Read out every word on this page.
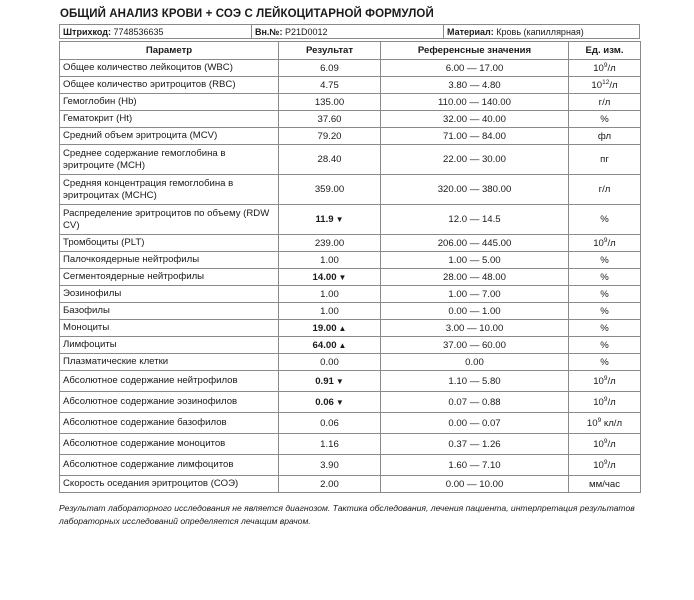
ОБЩИЙ АНАЛИЗ КРОВИ + СОЭ С ЛЕЙКОЦИТАРНОЙ ФОРМУЛОЙ
Штрихкод: 7748536635	Вн.№: P21D0012	Материал: Кровь (капиллярная)
Параметр	Результат	Референсные значения	Ед. изм.
Общее количество лейкоцитов (WBC)	6.09	6.00 — 17.00	$10^9/л$
Общее количество эритроцитов (RBC)	4.75	3.80 — 4.80	$10^{12}/л$
Гемоглобин (Hb)	135.00	110.00 — 140.00	г/л
Гематокрит (Ht)	37.60	32.00 — 40.00	%
Средний объем эритроцита (MCV)	79.20	71.00 — 84.00	фл
Среднее содержание гемоглобина в эритроците (MCH)	28.40	22.00 — 30.00	пг
Средняя концентрация гемоглобина в эритроцитах (MCHC)	359.00	320.00 — 380.00	г/л
Распределение эритроцитов по объему (RDW CV)	11.9 ▼	12.0 — 14.5	%
Тромбоциты (PLT)	239.00	206.00 — 445.00	$10^9/л$
Палочкоядерные нейтрофилы	1.00	1.00 — 5.00	%
Сегментоядерные нейтрофилы	14.00 ▼	28.00 — 48.00	%
Эозинофилы	1.00	1.00 — 7.00	%
Базофилы	1.00	0.00 — 1.00	%
Моноциты	19.00 ▲	3.00 — 10.00	%
Лимфоциты	64.00 ▲	37.00 — 60.00	%
Плазматические клетки	0.00	0.00	%
Абсолютное содержание нейтрофилов	0.91 ▼	1.10 — 5.80	$10^9/л$
Абсолютное содержание эозинофилов	0.06 ▼	0.07 — 0.88	$10^9/л$
Абсолютное содержание базофилов	0.06	0.00 — 0.07	$10^9$ кл/л
Абсолютное содержание моноцитов	1.16	0.37 — 1.26	$10^9/л$
Абсолютное содержание лимфоцитов	3.90	1.60 — 7.10	$10^9/л$
Скорость оседания эритроцитов (СОЭ)	2.00	0.00 — 10.00	мм/час
Результат лабораторного исследования не является диагнозом. Тактика обследования, лечения пациента, интерпретация результатов лабораторных исследований определяется лечащим врачом.
